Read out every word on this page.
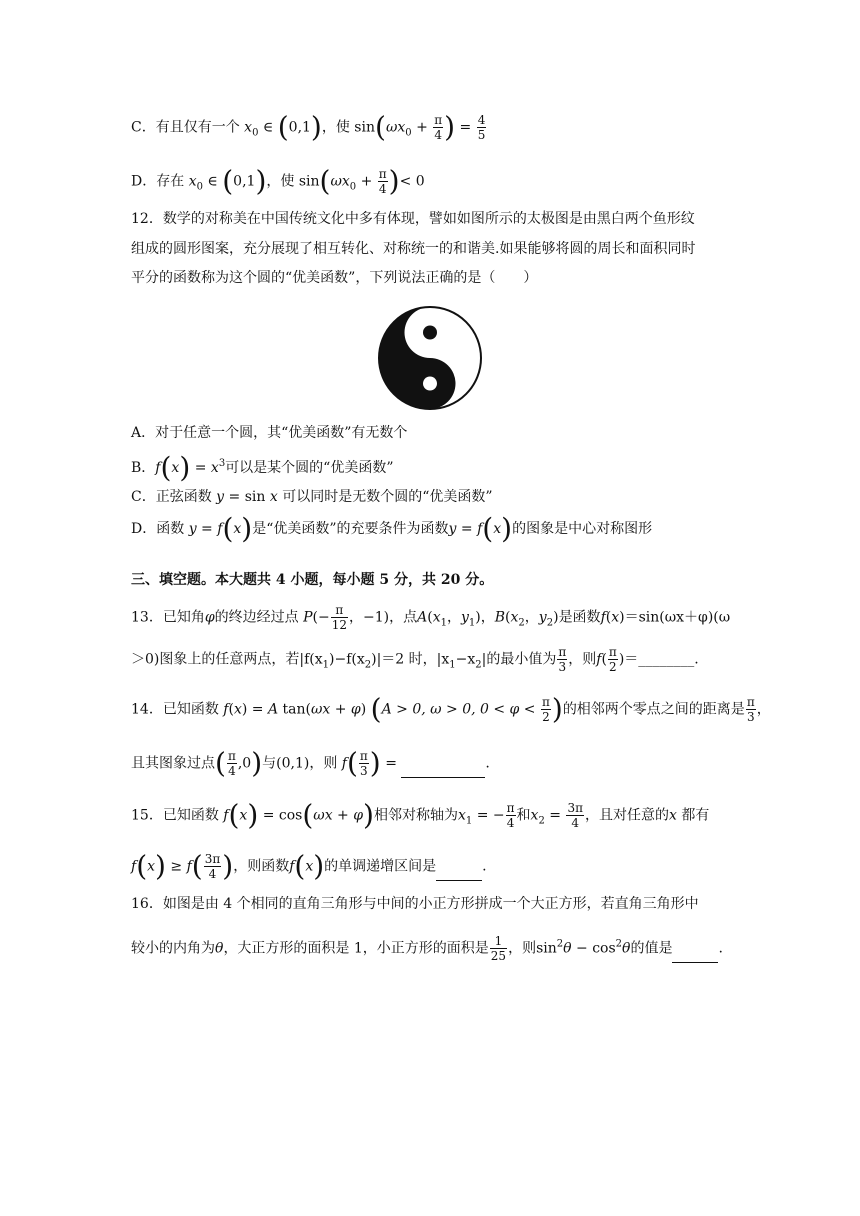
C．有且仅有一个 $x_0$ ∈ (0,1)，使 $\sin(\omega x_0 + \frac{\pi}{4}$ ) = $\frac{4}{5}$
D．存在 $x_0$ ∈ (0,1)，使 $\sin(\omega x_0 + \frac{\pi}{4}$ )< 0
12．数学的对称美在中国传统文化中多有体现，譬如如图所示的太极图是由黑白两个鱼形纹
组成的圆形图案，充分展现了相互转化、对称统一的和谐美.如果能够将圆的周长和面积同时
平分的函数称为这个圆的“优美函数”，下列说法正确的是（　　）
A．对于任意一个圆，其“优美函数”有无数个
B．$f(x) = x^3$可以是某个圆的“优美函数”
C．正弦函数 y = sin x 可以同时是无数个圆的“优美函数”
D．函数 y = f(x)是“优美函数”的充要条件为函数y = f(x)的图象是中心对称图形
三、填空题。本大题共 4 小题，每小题 5 分，共 20 分。
13．已知角φ的终边经过点 $P(- \frac{\pi}{12}$ ，−1)，点$A(x_1$，$y_1$)，$B(x_2$，$y_2$)是函数f(x)＝sin(ωx＋φ)(ω
＞0)图象上的任意两点，若$|f(x_1)-f(x_2)|=2$ 时，$|x_1-x_2|$的最小值为 $\frac{\pi}{3}$ ，则$f( \frac{\pi}{2}$ )＝________.
14．已知函数 f(x) = A tan(ωx + φ) (A > 0, ω > 0, $0 < \varphi < \frac{\pi}{2}$ )的相邻两个零点之间的距离是 $\frac{\pi}{3}$ ，
且其图象过点( $\frac{\pi}{4} ,0$)与(0,1)，则 $f( \frac{\pi}{3}$ ) =	.
15．已知函数 f(x) = cos(ωx + φ)相邻对称轴为$x_1$ = − $\frac{\pi}{4}$ 和$x_2 = \frac{3\pi}{4}$ ，且对任意的x 都有
$f(x) \ge f( \frac{3\pi}{4}$ )，则函数f(x)的单调递增区间是	.
16．如图是由 4 个相同的直角三角形与中间的小正方形拼成一个大正方形，若直角三角形中
较小的内角为θ，大正方形的面积是 1，小正方形的面积是 $\frac{1}{25}$ ，则$\sin^2\theta - \cos^2\theta$的值是	.
